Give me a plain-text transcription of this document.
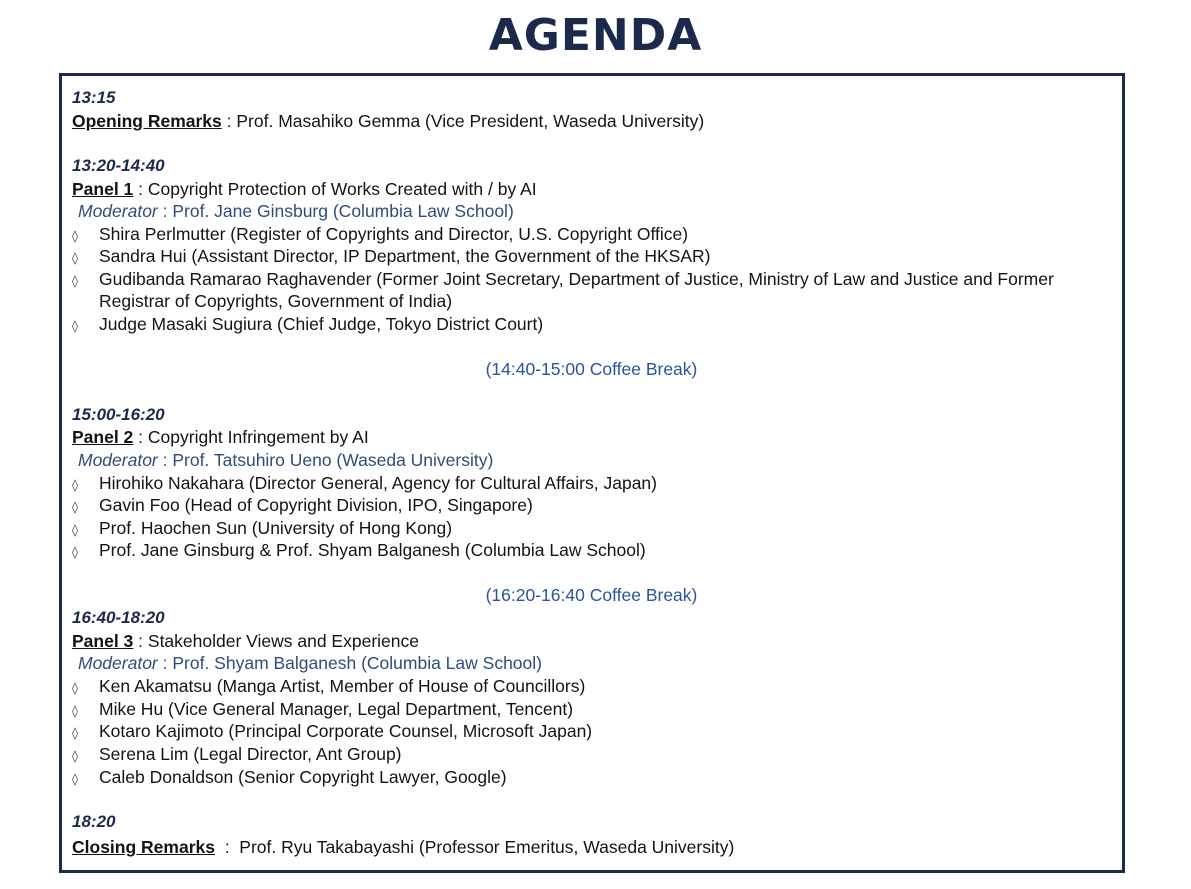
AGENDA
13:15
Opening Remarks : Prof. Masahiko Gemma (Vice President, Waseda University)
13:20-14:40
Panel 1 : Copyright Protection of Works Created with / by AI
Moderator : Prof. Jane Ginsburg (Columbia Law School)
◊ Shira Perlmutter (Register of Copyrights and Director, U.S. Copyright Office)
◊ Sandra Hui (Assistant Director, IP Department, the Government of the HKSAR)
◊ Gudibanda Ramarao Raghavender (Former Joint Secretary, Department of Justice, Ministry of Law and Justice and Former
Registrar of Copyrights, Government of India)
◊ Judge Masaki Sugiura (Chief Judge, Tokyo District Court)
(14:40-15:00 Coffee Break)
15:00-16:20
Panel 2 : Copyright Infringement by AI
Moderator : Prof. Tatsuhiro Ueno (Waseda University)
◊ Hirohiko Nakahara (Director General, Agency for Cultural Affairs, Japan)
◊ Gavin Foo (Head of Copyright Division, IPO, Singapore)
◊ Prof. Haochen Sun (University of Hong Kong)
◊ Prof. Jane Ginsburg & Prof. Shyam Balganesh (Columbia Law School)
(16:20-16:40 Coffee Break)
16:40-18:20
Panel 3 : Stakeholder Views and Experience
Moderator : Prof. Shyam Balganesh (Columbia Law School)
◊ Ken Akamatsu (Manga Artist, Member of House of Councillors)
◊ Mike Hu (Vice General Manager, Legal Department, Tencent)
◊ Kotaro Kajimoto (Principal Corporate Counsel, Microsoft Japan)
◊ Serena Lim (Legal Director, Ant Group)
◊ Caleb Donaldson (Senior Copyright Lawyer, Google)
18:20
Closing Remarks  :  Prof. Ryu Takabayashi (Professor Emeritus, Waseda University)
